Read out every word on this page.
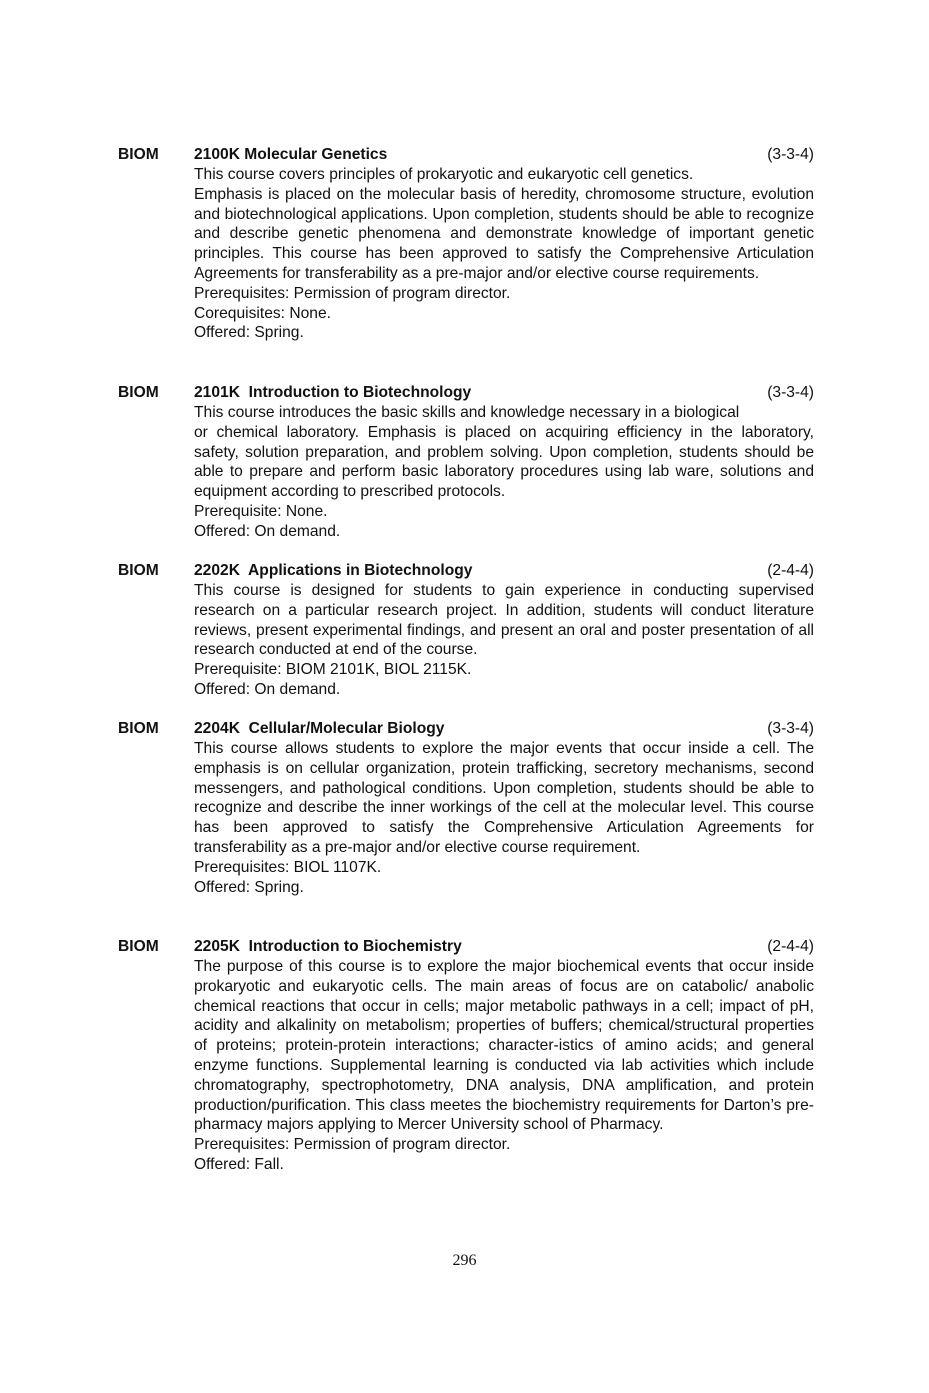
BIOM 2100K Molecular Genetics	(3-3-4)
This course covers principles of prokaryotic and eukaryotic cell genetics.
Emphasis is placed on the molecular basis of heredity, chromosome structure, evolution and biotechnological applications. Upon completion, students should be able to recognize and describe genetic phenomena and demonstrate knowledge of important genetic principles. This course has been approved to satisfy the Comprehensive Articulation Agreements for transferability as a pre-major and/or elective course requirements.
Prerequisites: Permission of program director.
Corequisites: None.
Offered: Spring.
BIOM 2101K  Introduction to Biotechnology	(3-3-4)
This course introduces the basic skills and knowledge necessary in a biological
or chemical laboratory. Emphasis is placed on acquiring efficiency in the laboratory, safety, solution preparation, and problem solving. Upon completion, students should be able to prepare and perform basic laboratory procedures using lab ware, solutions and equipment according to prescribed protocols.
Prerequisite: None.
Offered: On demand.
BIOM 2202K  Applications in Biotechnology	(2-4-4)
This course is designed for students to gain experience in conducting supervised research on a particular research project. In addition, students will conduct literature reviews, present experimental findings, and present an oral and poster presentation of all research conducted at end of the course.
Prerequisite: BIOM 2101K, BIOL 2115K.
Offered: On demand.
BIOM 2204K  Cellular/Molecular Biology	(3-3-4)
This course allows students to explore the major events that occur inside a cell. The emphasis is on cellular organization, protein trafficking, secretory mechanisms, second messengers, and pathological conditions. Upon completion, students should be able to recognize and describe the inner workings of the cell at the molecular level. This course has been approved to satisfy the Comprehensive Articulation Agreements for transferability as a pre-major and/or elective course requirement.
Prerequisites: BIOL 1107K.
Offered: Spring.
BIOM 2205K  Introduction to Biochemistry	(2-4-4)
The purpose of this course is to explore the major biochemical events that occur inside prokaryotic and eukaryotic cells. The main areas of focus are on catabolic/ anabolic chemical reactions that occur in cells; major metabolic pathways in a cell; impact of pH, acidity and alkalinity on metabolism; properties of buffers; chemical/structural properties of proteins; protein-protein interactions; character-istics of amino acids; and general enzyme functions. Supplemental learning is conducted via lab activities which include chromatography, spectrophotometry, DNA analysis, DNA amplification, and protein production/purification. This class meetes the biochemistry requirements for Darton’s pre-pharmacy majors applying to Mercer University school of Pharmacy.
Prerequisites: Permission of program director.
Offered: Fall.
296
